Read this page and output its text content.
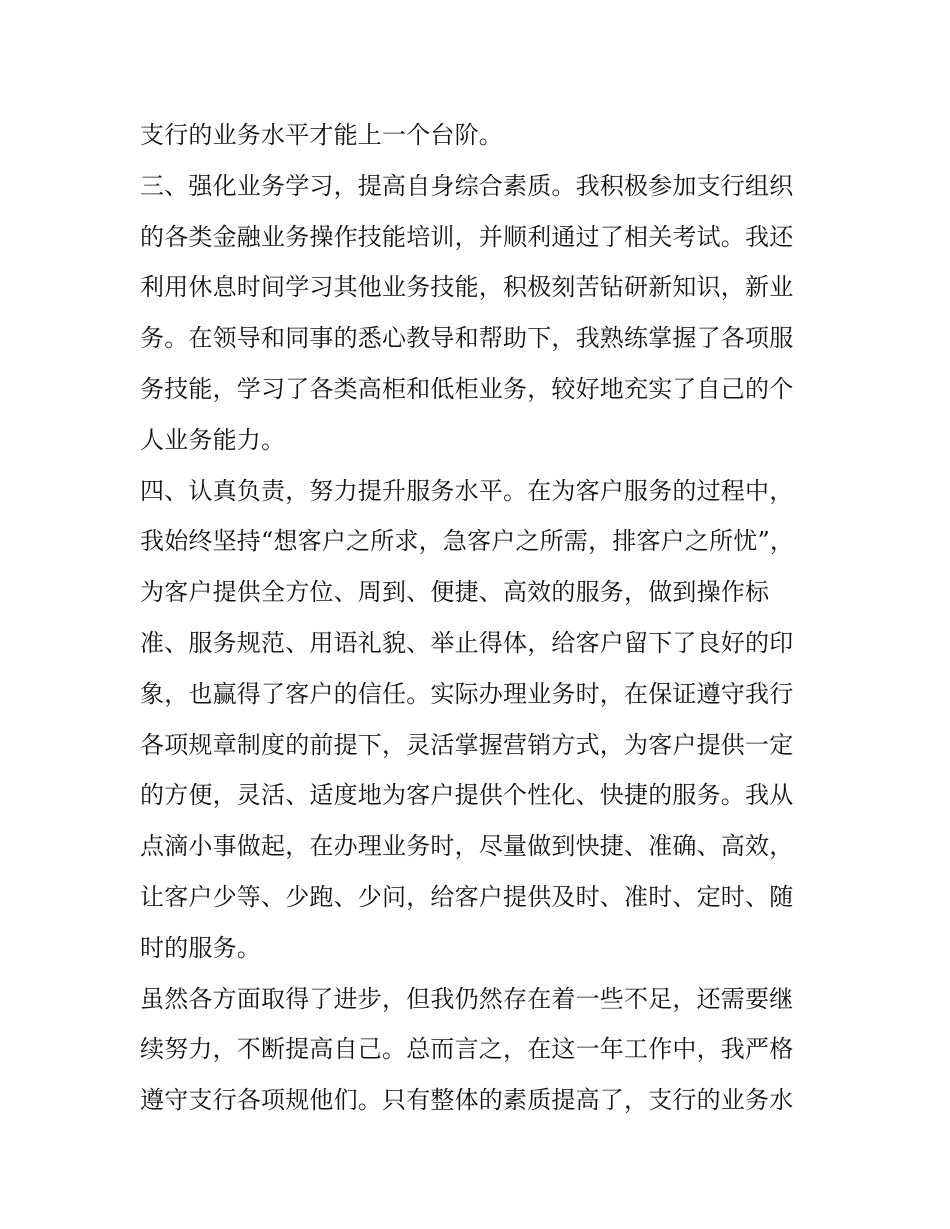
支行的业务水平才能上一个台阶。
三、强化业务学习，提高自身综合素质。我积极参加支行组织
的各类金融业务操作技能培训，并顺利通过了相关考试。我还
利用休息时间学习其他业务技能，积极刻苦钻研新知识，新业
务。在领导和同事的悉心教导和帮助下，我熟练掌握了各项服
务技能，学习了各类高柜和低柜业务，较好地充实了自己的个
人业务能力。
四、认真负责，努力提升服务水平。在为客户服务的过程中，
我始终坚持“想客户之所求，急客户之所需，排客户之所忧”，
为客户提供全方位、周到、便捷、高效的服务，做到操作标
准、服务规范、用语礼貌、举止得体，给客户留下了良好的印
象，也赢得了客户的信任。实际办理业务时，在保证遵守我行
各项规章制度的前提下，灵活掌握营销方式，为客户提供一定
的方便，灵活、适度地为客户提供个性化、快捷的服务。我从
点滴小事做起，在办理业务时，尽量做到快捷、准确、高效，
让客户少等、少跑、少问，给客户提供及时、准时、定时、随
时的服务。
虽然各方面取得了进步，但我仍然存在着一些不足，还需要继
续努力，不断提高自己。总而言之，在这一年工作中，我严格
遵守支行各项规他们。只有整体的素质提高了，支行的业务水
